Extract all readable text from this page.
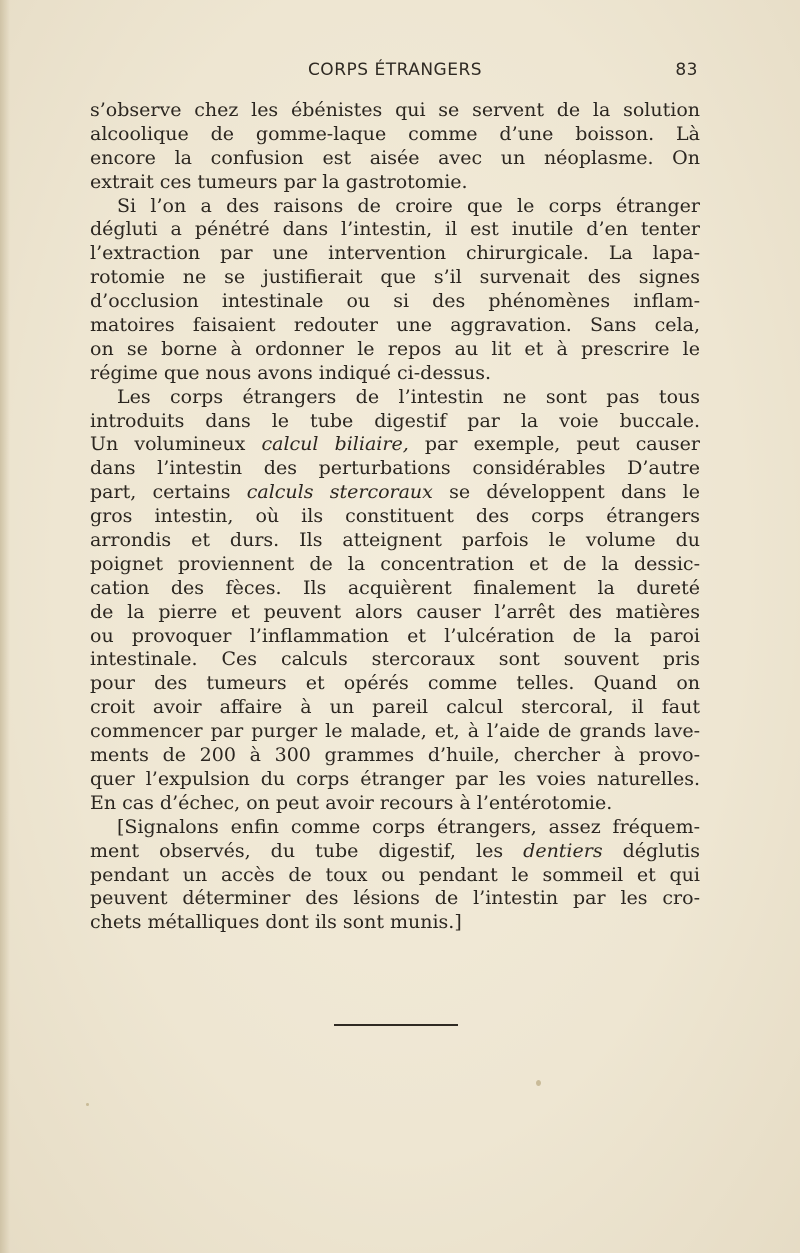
CORPS ÉTRANGERS	83
s’observe chez les ébénistes qui se servent de la solution
alcoolique de gomme-laque comme d’une boisson. Là
encore la confusion est aisée avec un néoplasme. On
extrait ces tumeurs par la gastrotomie.
Si l’on a des raisons de croire que le corps étranger
dégluti a pénétré dans l’intestin, il est inutile d’en tenter
l’extraction par une intervention chirurgicale. La lapa-
rotomie ne se justifierait que s’il survenait des signes
d’occlusion intestinale ou si des phénomènes inflam-
matoires faisaient redouter une aggravation. Sans cela,
on se borne à ordonner le repos au lit et à prescrire le
régime que nous avons indiqué ci-dessus.
Les corps étrangers de l’intestin ne sont pas tous
introduits dans le tube digestif par la voie buccale.
Un volumineux calcul biliaire, par exemple, peut causer
dans l’intestin des perturbations considérables D’autre
part, certains calculs stercoraux se développent dans le
gros intestin, où ils constituent des corps étrangers
arrondis et durs. Ils atteignent parfois le volume du
poignet proviennent de la concentration et de la dessic-
cation des fèces. Ils acquièrent finalement la dureté
de la pierre et peuvent alors causer l’arrêt des matières
ou provoquer l’inflammation et l’ulcération de la paroi
intestinale. Ces calculs stercoraux sont souvent pris
pour des tumeurs et opérés comme telles. Quand on
croit avoir affaire à un pareil calcul stercoral, il faut
commencer par purger le malade, et, à l’aide de grands lave-
ments de 200 à 300 grammes d’huile, chercher à provo-
quer l’expulsion du corps étranger par les voies naturelles.
En cas d’échec, on peut avoir recours à l’entérotomie.
[Signalons enfin comme corps étrangers, assez fréquem-
ment observés, du tube digestif, les dentiers déglutis
pendant un accès de toux ou pendant le sommeil et qui
peuvent déterminer des lésions de l’intestin par les cro-
chets métalliques dont ils sont munis.]
